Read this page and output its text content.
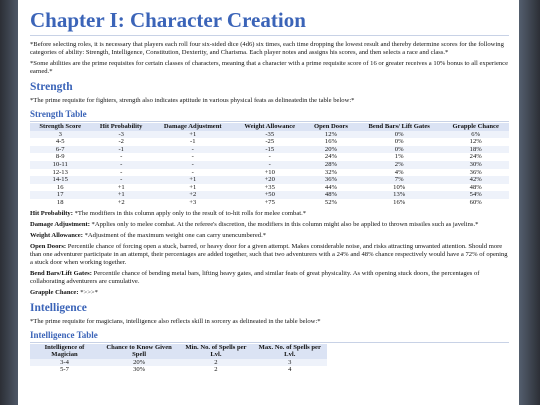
Chapter I: Character Creation

*Before selecting roles, it is necessary that players each roll four six-sided dice (4d6) six times, each time dropping the lowest result and thereby determine scores for the following categories of ability: Strength, Intelligence, Constitution, Dexterity, and Charisma. Each player notes and assigns his scores, and then selects a race and class.*

*Some abilities are the prime requisites for certain classes of characters, meaning that a character with a prime requisite score of 16 or greater receives a 10% bonus to all experience earned.*

Strength

*The prime requisite for fighters, strength also indicates aptitude in various physical feats as delineatedin the table below:*

Strength Table
Strength Score	Hit Probability	Damage Adjustment	Weight Allowance	Open Doors	Bend Bars/ Lift Gates	Grapple Chance
3	-3	+1	-35	12%	0%	6%
4-5	-2	-1	-25	16%	0%	12%
6-7	-1	-	-15	20%	0%	18%
8-9	-	-	-	24%	1%	24%
10-11	-	-	-	28%	2%	30%
12-13	-	-	+10	32%	4%	36%
14-15	-	+1	+20	36%	7%	42%
16	+1	+1	+35	44%	10%	48%
17	+1	+2	+50	48%	13%	54%
18	+2	+3	+75	52%	16%	60%

Hit Probabilty: *The modifiers in this column apply only to the result of to-hit rolls for melee combat.*

Damage Adjustment: *Applies only to melee combat. At the referee's discretion, the modifiers in this column might also be applied to thrown missiles such as javelins.*

Weight Allowance: *Adjustment of the maximum weight one can carry unencumbered.*

Open Doors: Percentile chance of forcing open a stuck, barred, or heavy door for a given attempt. Makes considerable noise, and risks attracting unwanted attention. Should more than one adventurer participate in an attempt, their percentages are added together, such that two adventurers with a 24% and 48% chance respectively would have a 72% of opening a stuck door when working together.

Bend Bars/Lift Gates: Percentile chance of bending metal bars, lifting heavy gates, and similar feats of great physicality. As with opening stuck doors, the percentages of collaborating adventurers are cumulative.

Grapple Chance: *>>>*

Intelligence

*The prime requisite for magicians, intelligence also reflects skill in sorcery as delineated in the table below:*

Intelligence Table
Intelligence of Magician	Chance to Know Given Spell	Min. No. of Spells per Lvl.	Max. No. of Spells per Lvl.
3-4	20%	2	3
5-7	30%	2	4
